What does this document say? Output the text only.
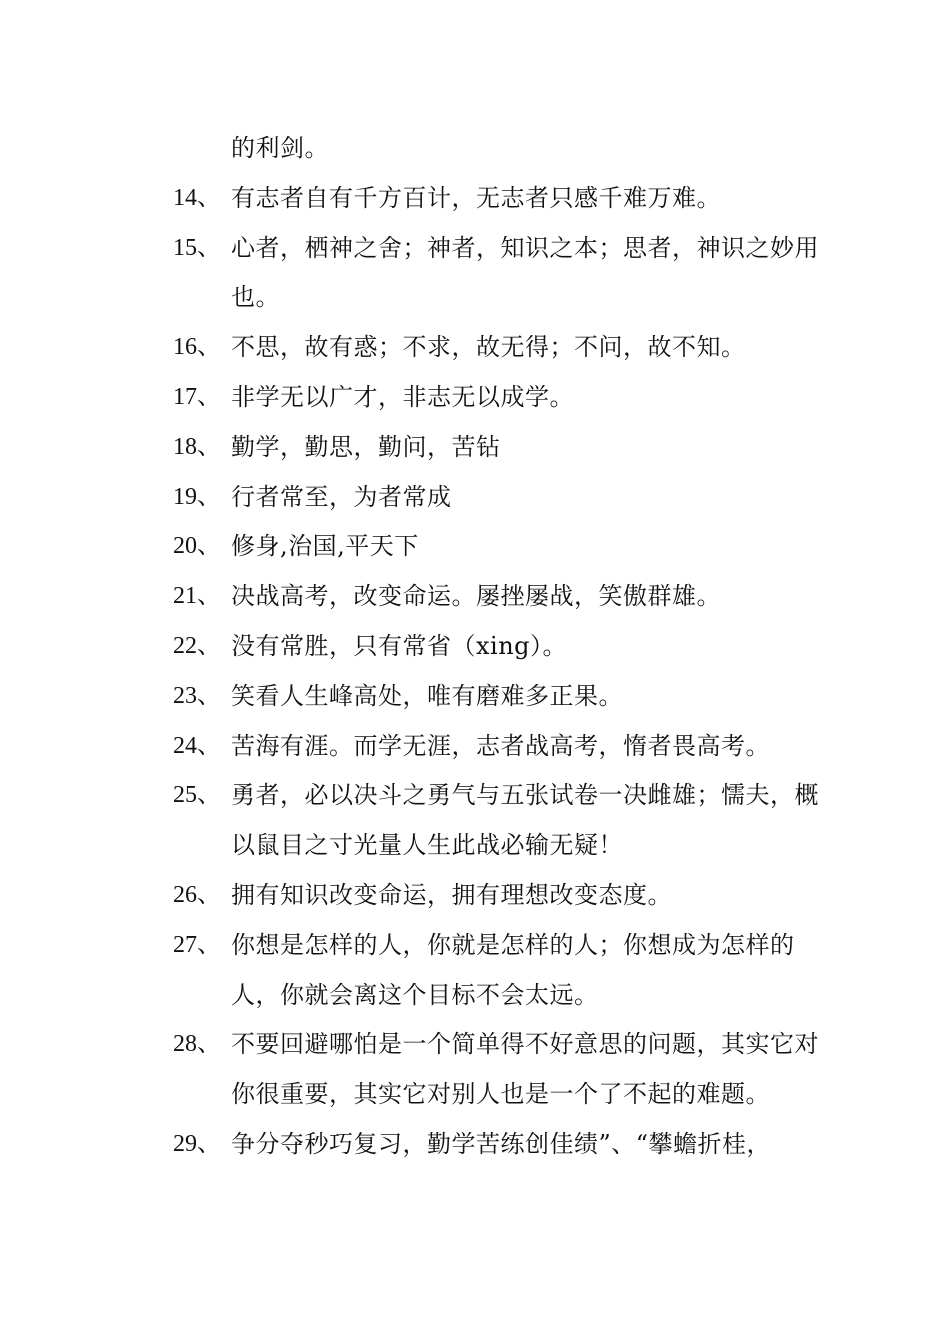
的利剑。
14、 有志者自有千方百计，无志者只感千难万难。
15、 心者，栖神之舍；神者，知识之本；思者，神识之妙用也。
16、 不思，故有惑；不求，故无得；不问，故不知。
17、 非学无以广才，非志无以成学。
18、 勤学，勤思，勤问，苦钻
19、 行者常至，为者常成
20、 修身,治国,平天下
21、 决战高考，改变命运。屡挫屡战，笑傲群雄。
22、 没有常胜，只有常省（xing）。
23、 笑看人生峰高处，唯有磨难多正果。
24、 苦海有涯。而学无涯，志者战高考，惰者畏高考。
25、 勇者，必以决斗之勇气与五张试卷一决雌雄；懦夫，概以鼠目之寸光量人生此战必输无疑！
26、 拥有知识改变命运，拥有理想改变态度。
27、 你想是怎样的人，你就是怎样的人；你想成为怎样的人，你就会离这个目标不会太远。
28、 不要回避哪怕是一个简单得不好意思的问题，其实它对你很重要，其实它对别人也是一个了不起的难题。
29、 争分夺秒巧复习，勤学苦练创佳绩”、“攀蟾折桂，
